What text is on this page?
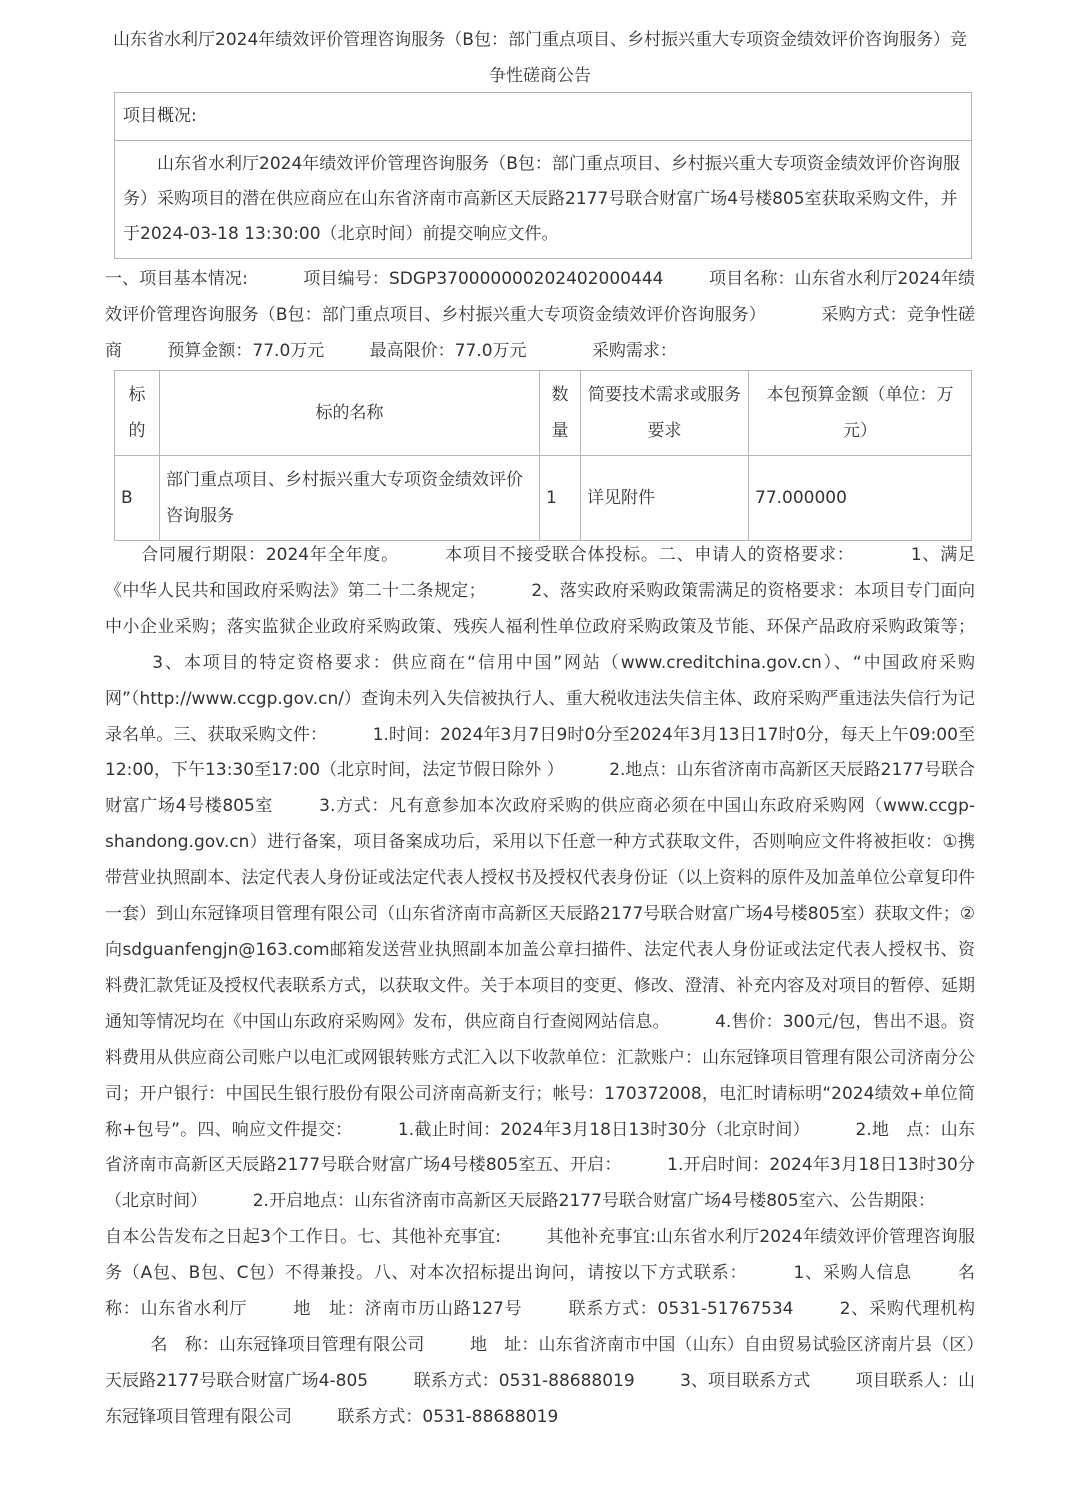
山东省水利厅2024年绩效评价管理咨询服务（B包：部门重点项目、乡村振兴重大专项资金绩效评价咨询服务）竞争性磋商公告
项目概况:
山东省水利厅2024年绩效评价管理咨询服务（B包：部门重点项目、乡村振兴重大专项资金绩效评价咨询服务）采购项目的潜在供应商应在山东省济南市高新区天辰路2177号联合财富广场4号楼805室获取采购文件，并于2024-03-18 13:30:00（北京时间）前提交响应文件。
一、项目基本情况:	项目编号：SDGP370000000202402000444	项目名称：山东省水利厅2024年绩效评价管理咨询服务（B包：部门重点项目、乡村振兴重大专项资金绩效评价咨询服务）	采购方式：竞争性磋商	预算金额：77.0万元	最高限价：77.0万元	采购需求：
标的	标的名称	数量	简要技术需求或服务要求	本包预算金额（单位：万元）
B	部门重点项目、乡村振兴重大专项资金绩效评价咨询服务	1	详见附件	77.000000
合同履行期限：2024年全年度。	本项目不接受联合体投标。二、申请人的资格要求：	1、满足《中华人民共和国政府采购法》第二十二条规定；	2、落实政府采购政策需满足的资格要求：本项目专门面向中小企业采购；落实监狱企业政府采购政策、残疾人福利性单位政府采购政策及节能、环保产品政府采购政策等； 3、本项目的特定资格要求：供应商在“信用中国”网站（www.creditchina.gov.cn）、“中国政府采购网”（http://www.ccgp.gov.cn/）查询未列入失信被执行人、重大税收违法失信主体、政府采购严重违法失信行为记录名单。三、获取采购文件：	1.时间：2024年3月7日9时0分至2024年3月13日17时0分，每天上午09:00至12:00，下午13:30至17:00（北京时间，法定节假日除外 ）	2.地点：山东省济南市高新区天辰路2177号联合财富广场4号楼805室	3.方式：凡有意参加本次政府采购的供应商必须在中国山东政府采购网（www.ccgp-shandong.gov.cn）进行备案，项目备案成功后，采用以下任意一种方式获取文件，否则响应文件将被拒收：①携带营业执照副本、法定代表人身份证或法定代表人授权书及授权代表身份证（以上资料的原件及加盖单位公章复印件一套）到山东冠锋项目管理有限公司（山东省济南市高新区天辰路2177号联合财富广场4号楼805室）获取文件；②向sdguanfengjn@163.com邮箱发送营业执照副本加盖公章扫描件、法定代表人身份证或法定代表人授权书、资料费汇款凭证及授权代表联系方式，以获取文件。关于本项目的变更、修改、澄清、补充内容及对项目的暂停、延期通知等情况均在《中国山东政府采购网》发布，供应商自行查阅网站信息。	4.售价：300元/包，售出不退。资料费用从供应商公司账户以电汇或网银转账方式汇入以下收款单位：汇款账户：山东冠锋项目管理有限公司济南分公司；开户银行：中国民生银行股份有限公司济南高新支行；帐号：170372008，电汇时请标明“2024绩效+单位简称+包号”。四、响应文件提交：	1.截止时间：2024年3月18日13时30分（北京时间）	2.地　点：山东省济南市高新区天辰路2177号联合财富广场4号楼805室五、开启：	1.开启时间：2024年3月18日13时30分（北京时间）	2.开启地点：山东省济南市高新区天辰路2177号联合财富广场4号楼805室六、公告期限： 自本公告发布之日起3个工作日。七、其他补充事宜:	其他补充事宜:山东省水利厅2024年绩效评价管理咨询服务（A包、B包、C包）不得兼投。八、对本次招标提出询问，请按以下方式联系：	1、采购人信息	名　称：山东省水利厅	地　址：济南市历山路127号	联系方式：0531-51767534	2、采购代理机构 名　称：山东冠锋项目管理有限公司	地　址：山东省济南市中国（山东）自由贸易试验区济南片县（区）天辰路2177号联合财富广场4-805	联系方式：0531-88688019	3、项目联系方式	项目联系人：山东冠锋项目管理有限公司	联系方式：0531-88688019
